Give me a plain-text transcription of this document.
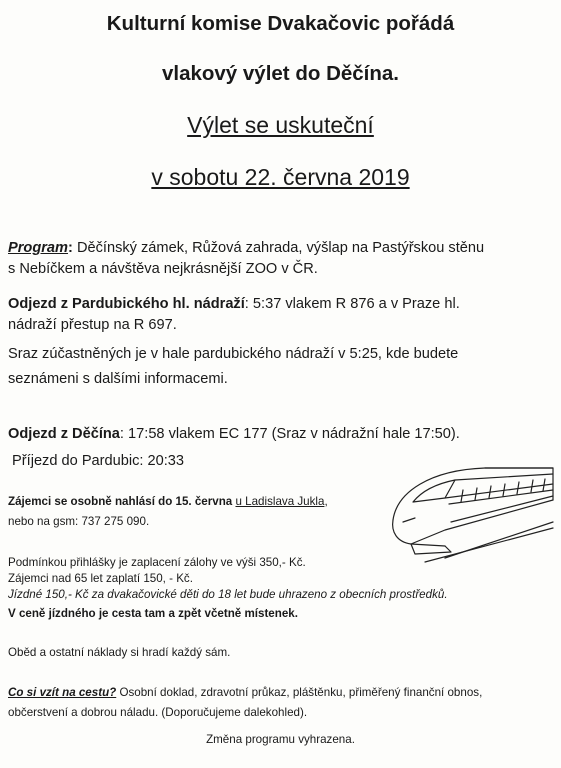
Kulturní komise Dvakačovic pořádá
vlakový výlet do Děčína.
Výlet se uskuteční
v sobotu 22. června 2019
Program: Děčínský zámek, Růžová zahrada, výšlap na Pastýřskou stěnu
s Nebíčkem a návštěva nejkrásnější ZOO v ČR.
Odjezd z Pardubického hl. nádraží: 5:37 vlakem R 876 a v Praze hl.
nádraží přestup na R 697.
Sraz zúčastněných je v hale pardubického nádraží v 5:25, kde budete
seznámeni s dalšími informacemi.
Odjezd z Děčína: 17:58 vlakem EC 177 (Sraz v nádražní hale 17:50).
Příjezd do Pardubic: 20:33
Zájemci se osobně nahlásí do 15. června u Ladislava Jukla,
nebo na gsm: 737 275 090.
Podmínkou přihlášky je zaplacení zálohy ve výši 350,- Kč.
Zájemci nad 65 let zaplatí 150, - Kč.
Jízdné 150,- Kč za dvakačovické děti do 18 let bude uhrazeno z obecních prostředků.
V ceně jízdného je cesta tam a zpět včetně místenek.
Oběd a ostatní náklady si hradí každý sám.
Co si vzít na cestu? Osobní doklad, zdravotní průkaz, pláštěnku, přiměřený finanční obnos,
občerstvení a dobrou náladu. (Doporučujeme dalekohled).
Změna programu vyhrazena.
